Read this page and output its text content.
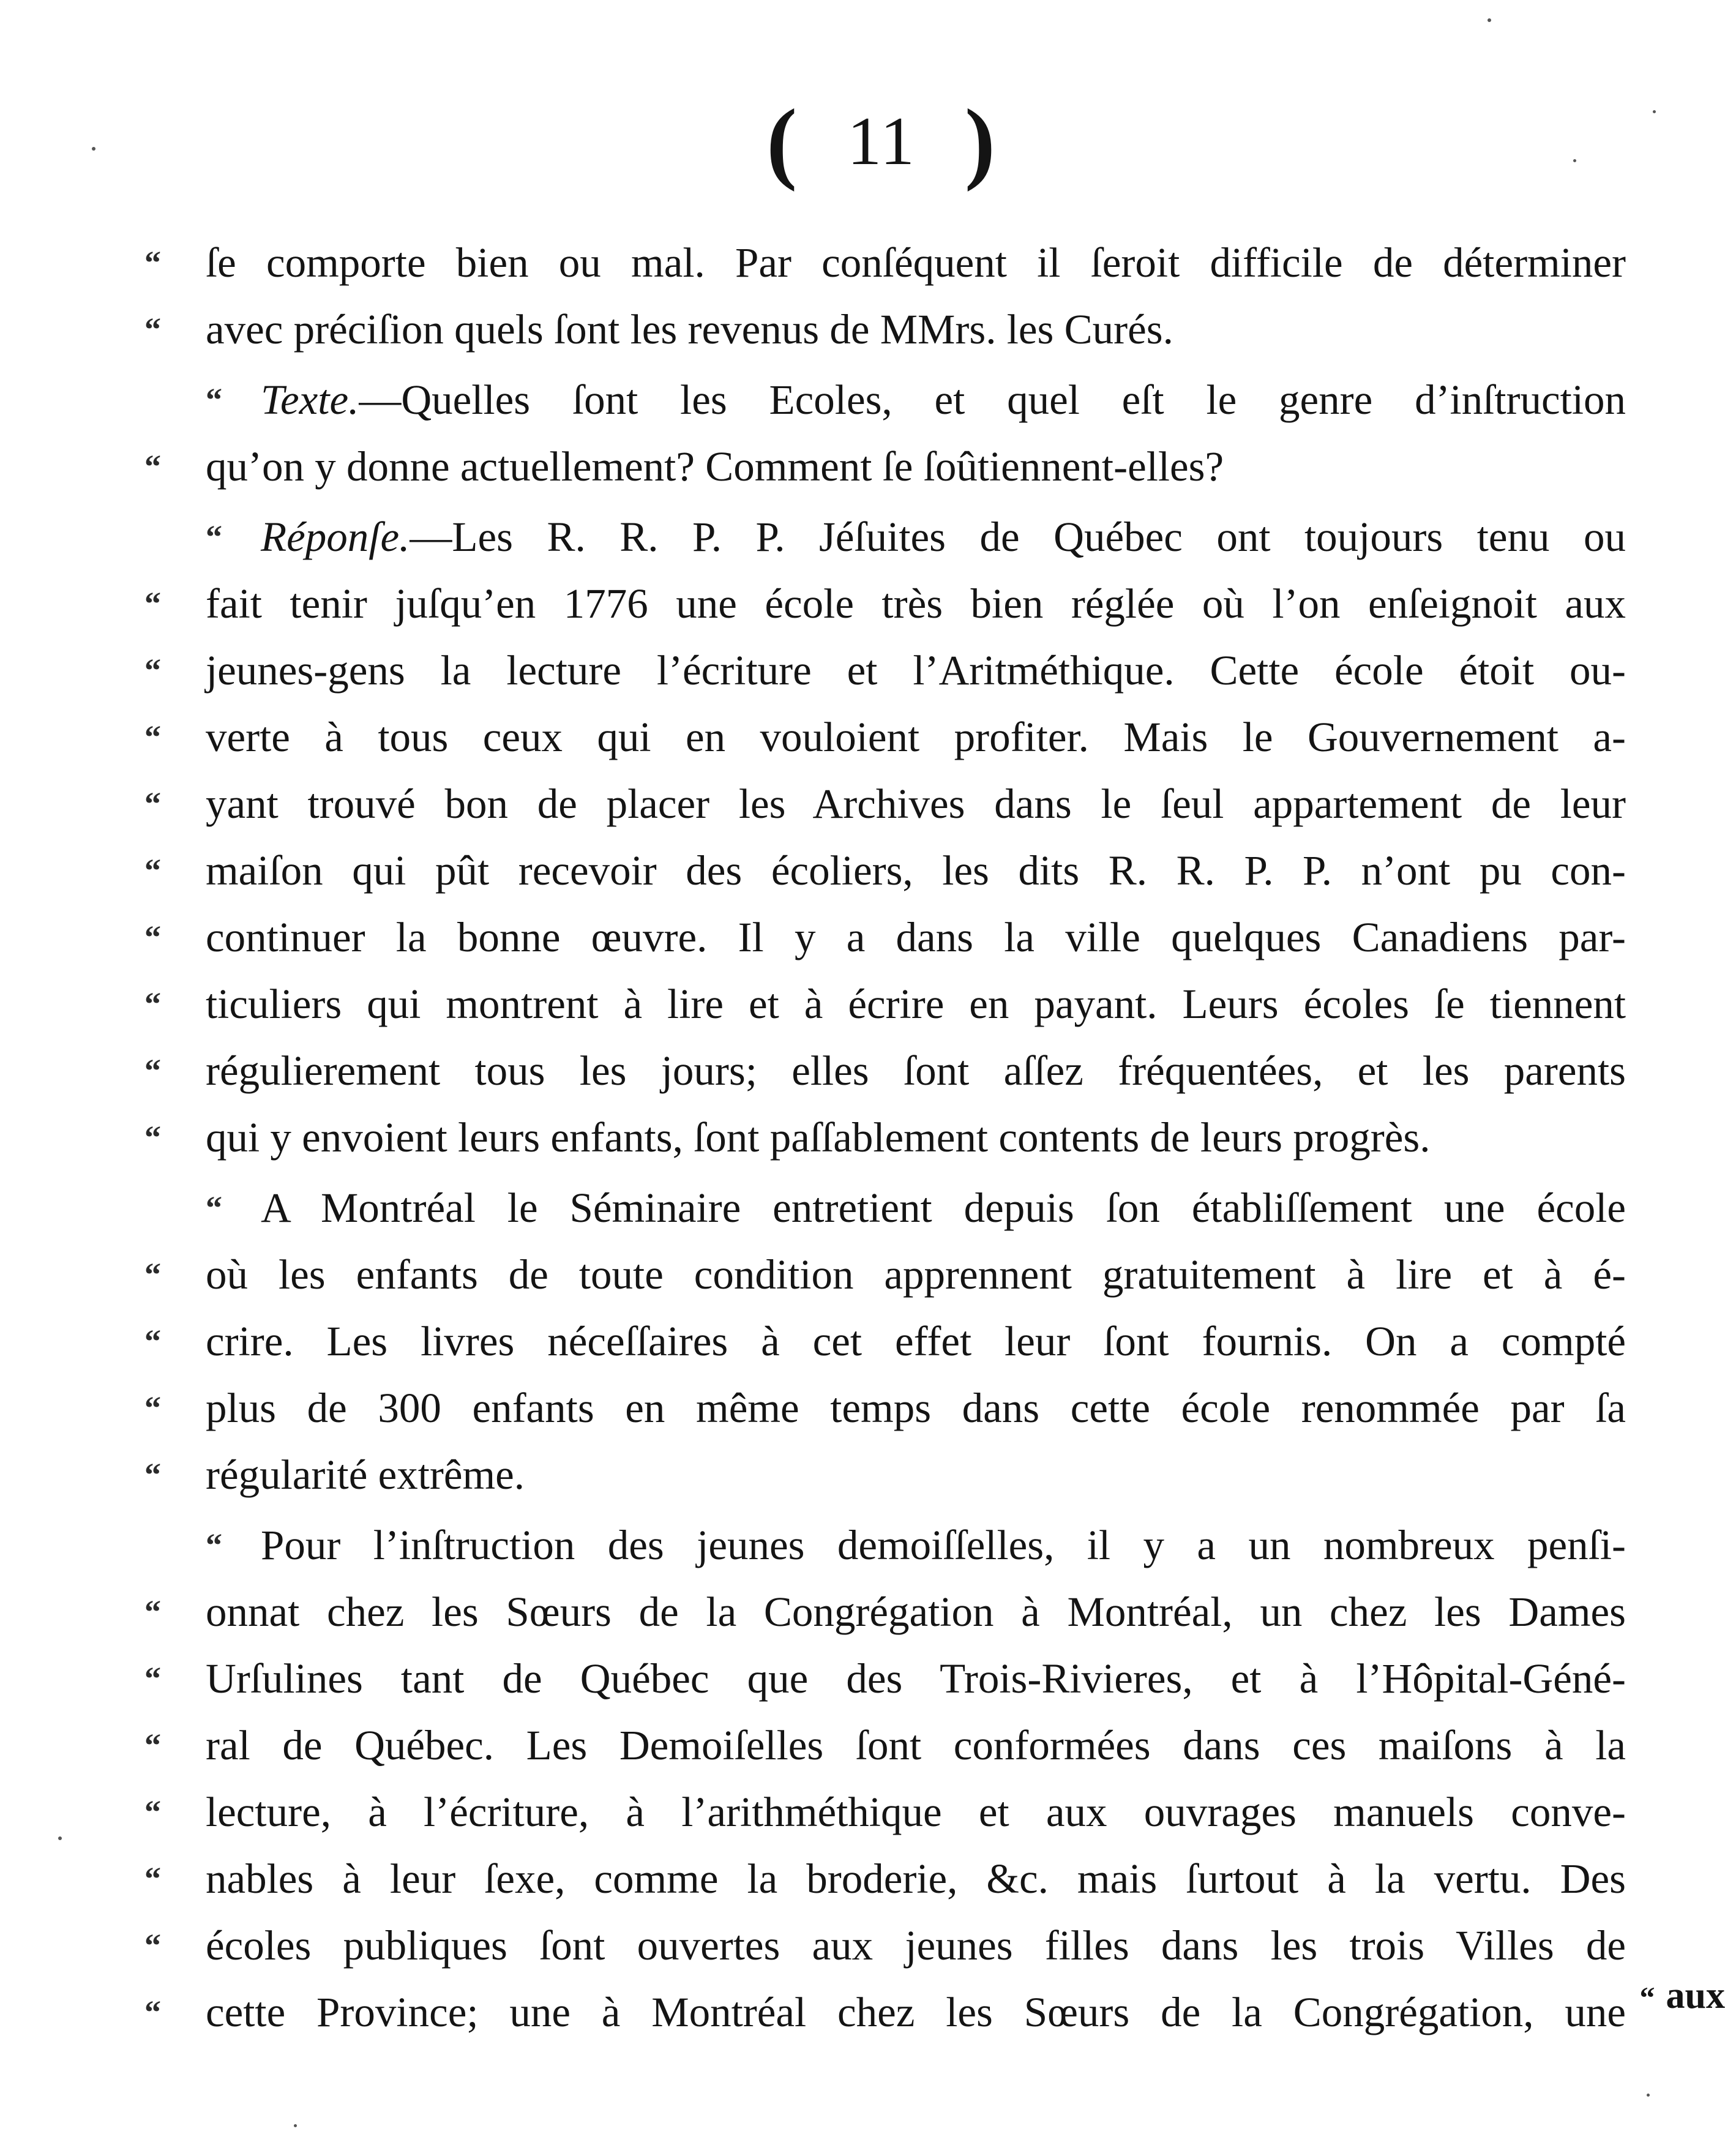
( 11 )
“	ſe comporte bien ou mal. Par conſéquent il ſeroit difficile de déterminer
“	avec préciſion quels ſont les revenus de MMrs. les Curés.
“ Texte.—Quelles ſont les Ecoles, et quel eſt le genre d’inſtruction
“	qu’on y donne actuellement? Comment ſe ſoûtiennent-elles?
“ Réponſe.—Les R. R. P. P. Jéſuites de Québec ont toujours tenu ou
“	fait tenir juſqu’en 1776 une école très bien réglée où l’on enſeignoit aux
“	jeunes-gens la lecture l’écriture et l’Aritméthique. Cette école étoit ou-
“	verte à tous ceux qui en vouloient profiter. Mais le Gouvernement a-
“	yant trouvé bon de placer les Archives dans le ſeul appartement de leur
“	maiſon qui pût recevoir des écoliers, les dits R. R. P. P. n’ont pu con-
“	continuer la bonne œuvre. Il y a dans la ville quelques Canadiens par-
“	ticuliers qui montrent à lire et à écrire en payant. Leurs écoles ſe tiennent
“	régulierement tous les jours; elles ſont aſſez fréquentées, et les parents
“	qui y envoient leurs enfants, ſont paſſablement contents de leurs progrès.
“ A Montréal le Séminaire entretient depuis ſon établiſſement une école
“	où les enfants de toute condition apprennent gratuitement à lire et à é-
“	crire. Les livres néceſſaires à cet effet leur ſont fournis. On a compté
“	plus de 300 enfants en même temps dans cette école renommée par ſa
“	régularité extrême.
“ Pour l’inſtruction des jeunes demoiſſelles, il y a un nombreux penſi-
“	onnat chez les Sœurs de la Congrégation à Montréal, un chez les Dames
“	Urſulines tant de Québec que des Trois-Rivieres, et à l’Hôpital-Géné-
“	ral de Québec. Les Demoiſelles ſont conformées dans ces maiſons à la
“	lecture, à l’écriture, à l’arithméthique et aux ouvrages manuels conve-
“	nables à leur ſexe, comme la broderie, &c. mais ſurtout à la vertu. Des
“	écoles publiques ſont ouvertes aux jeunes filles dans les trois Villes de
“	cette Province; une à Montréal chez les Sœurs de la Congrégation, une “ aux
